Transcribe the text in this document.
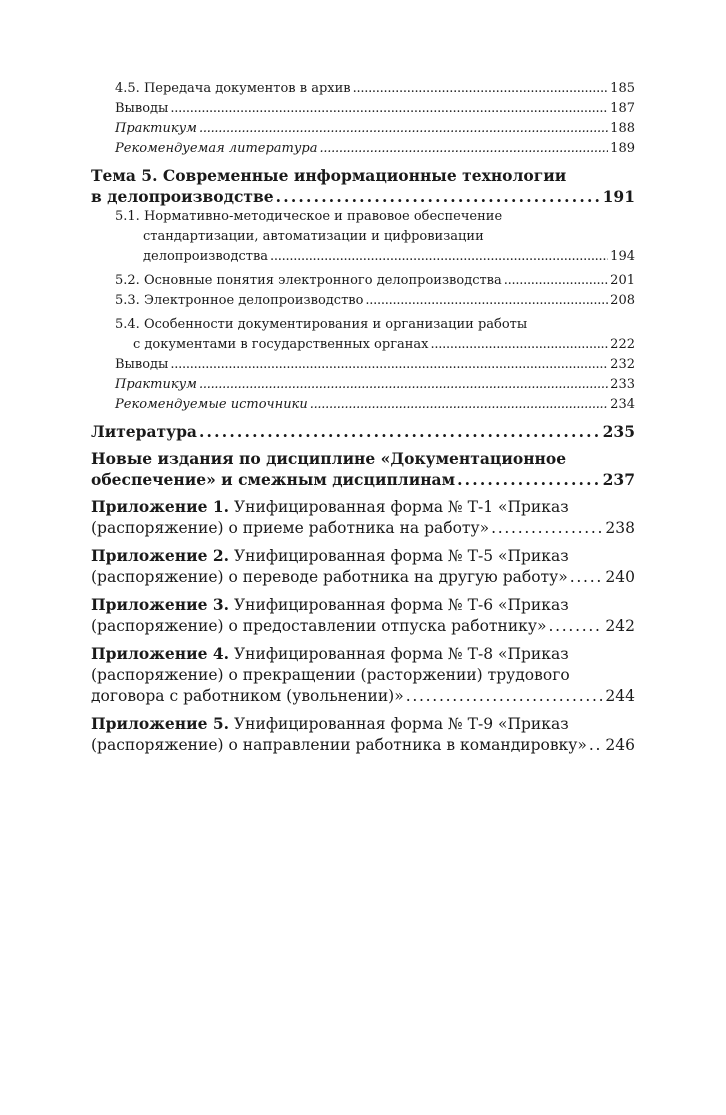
4.5. Передача документов в архив . . .	185
Выводы . . .	187
Практикум . . .	188
Рекомендуемая литература . . .	189
Тема 5. Современные информационные технологии
в делопроизводстве . . .	191
5.1. Нормативно-методическое и правовое обеспечение
стандартизации, автоматизации и цифровизации
делопроизводства . . .	194
5.2. Основные понятия электронного делопроизводства . . .	201
5.3. Электронное делопроизводство . . .	208
5.4. Особенности документирования и организации работы
с документами в государственных органах . . .	222
Выводы . . .	232
Практикум . . .	233
Рекомендуемые источники . . .	234
Литература . . .	235
Новые издания по дисциплине «Документационное
обеспечение» и смежным дисциплинам . . .	237
Приложение 1. Унифицированная форма № Т-1 «Приказ
(распоряжение) о приеме работника на работу» . . .	238
Приложение 2. Унифицированная форма № Т-5 «Приказ
(распоряжение) о переводе работника на другую работу» . . . 240
Приложение 3. Унифицированная форма № Т-6 «Приказ
(распоряжение) о предоставлении отпуска работнику» . . .	242
Приложение 4. Унифицированная форма № Т-8 «Приказ
(распоряжение) о прекращении (расторжении) трудового
договора с работником (увольнении)» . . .	244
Приложение 5. Унифицированная форма № Т-9 «Приказ
(распоряжение) о направлении работника в командировку» . . . 246
